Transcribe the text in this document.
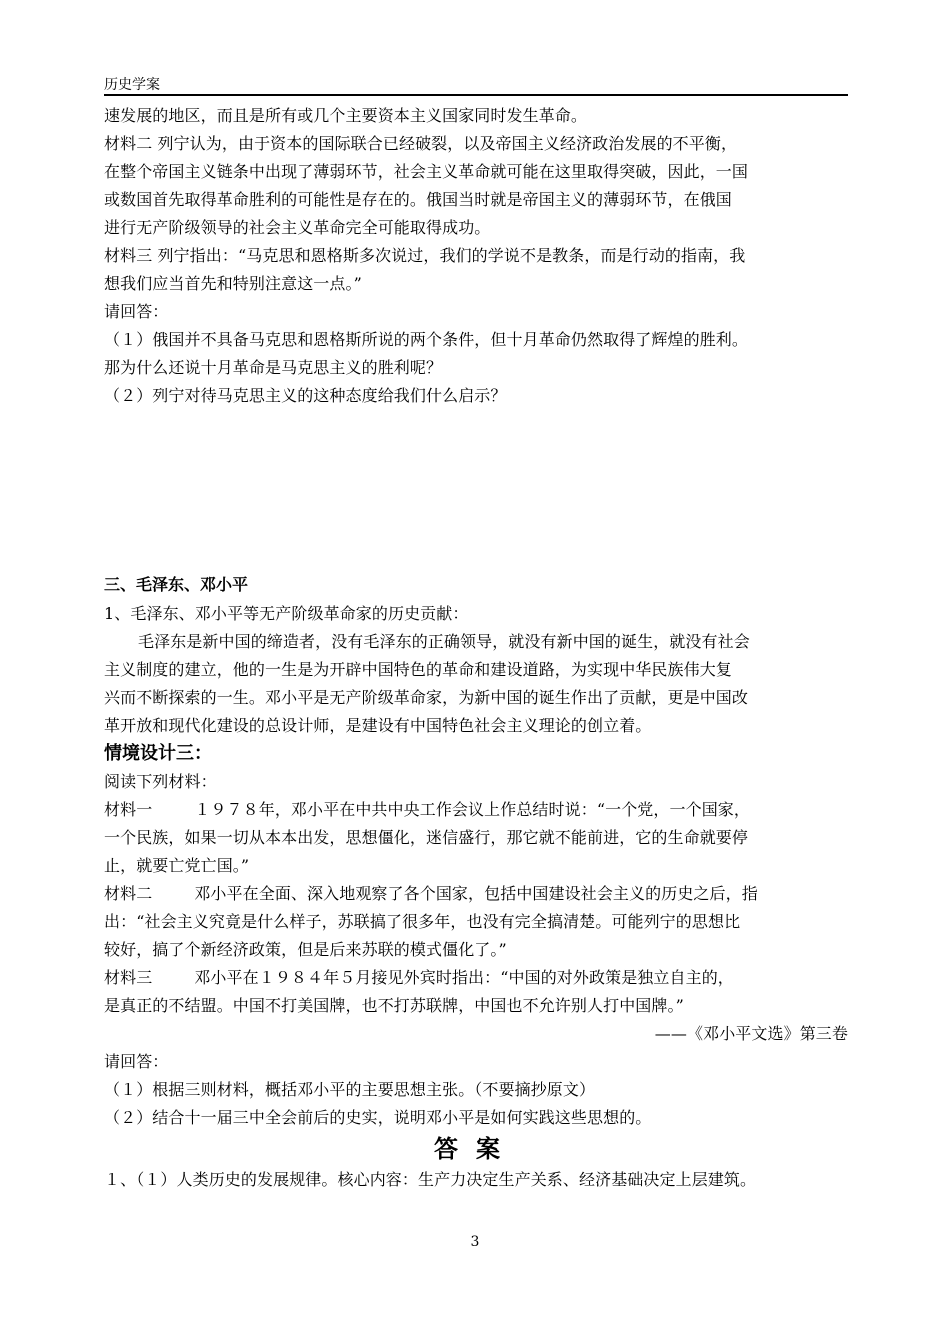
历史学案
速发展的地区，而且是所有或几个主要资本主义国家同时发生革命。
材料二 列宁认为，由于资本的国际联合已经破裂，以及帝国主义经济政治发展的不平衡，
在整个帝国主义链条中出现了薄弱环节，社会主义革命就可能在这里取得突破，因此，一国
或数国首先取得革命胜利的可能性是存在的。俄国当时就是帝国主义的薄弱环节，在俄国
进行无产阶级领导的社会主义革命完全可能取得成功。
材料三 列宁指出：“马克思和恩格斯多次说过，我们的学说不是教条，而是行动的指南，我
想我们应当首先和特别注意这一点。”
请回答：
（１）俄国并不具备马克思和恩格斯所说的两个条件，但十月革命仍然取得了辉煌的胜利。
那为什么还说十月革命是马克思主义的胜利呢？
（２）列宁对待马克思主义的这种态度给我们什么启示？
三、毛泽东、邓小平
1、毛泽东、邓小平等无产阶级革命家的历史贡献：
毛泽东是新中国的缔造者，没有毛泽东的正确领导，就没有新中国的诞生，就没有社会
主义制度的建立，他的一生是为开辟中国特色的革命和建设道路，为实现中华民族伟大复
兴而不断探索的一生。邓小平是无产阶级革命家，为新中国的诞生作出了贡献，更是中国改
革开放和现代化建设的总设计师，是建设有中国特色社会主义理论的创立着。
情境设计三：
阅读下列材料：
材料一	１９７８年，邓小平在中共中央工作会议上作总结时说：“一个党，一个国家，
一个民族，如果一切从本本出发，思想僵化，迷信盛行，那它就不能前进，它的生命就要停
止，就要亡党亡国。”
材料二	邓小平在全面、深入地观察了各个国家，包括中国建设社会主义的历史之后，指
出：“社会主义究竟是什么样子，苏联搞了很多年，也没有完全搞清楚。可能列宁的思想比
较好，搞了个新经济政策，但是后来苏联的模式僵化了。”
材料三	邓小平在１９８４年５月接见外宾时指出：“中国的对外政策是独立自主的，
是真正的不结盟。中国不打美国牌，也不打苏联牌，中国也不允许别人打中国牌。”
——《邓小平文选》第三卷
请回答：
（１）根据三则材料，概括邓小平的主要思想主张。（不要摘抄原文）
（２）结合十一届三中全会前后的史实，说明邓小平是如何实践这些思想的。
答案
１、（１）人类历史的发展规律。核心内容：生产力决定生产关系、经济基础决定上层建筑。
3
